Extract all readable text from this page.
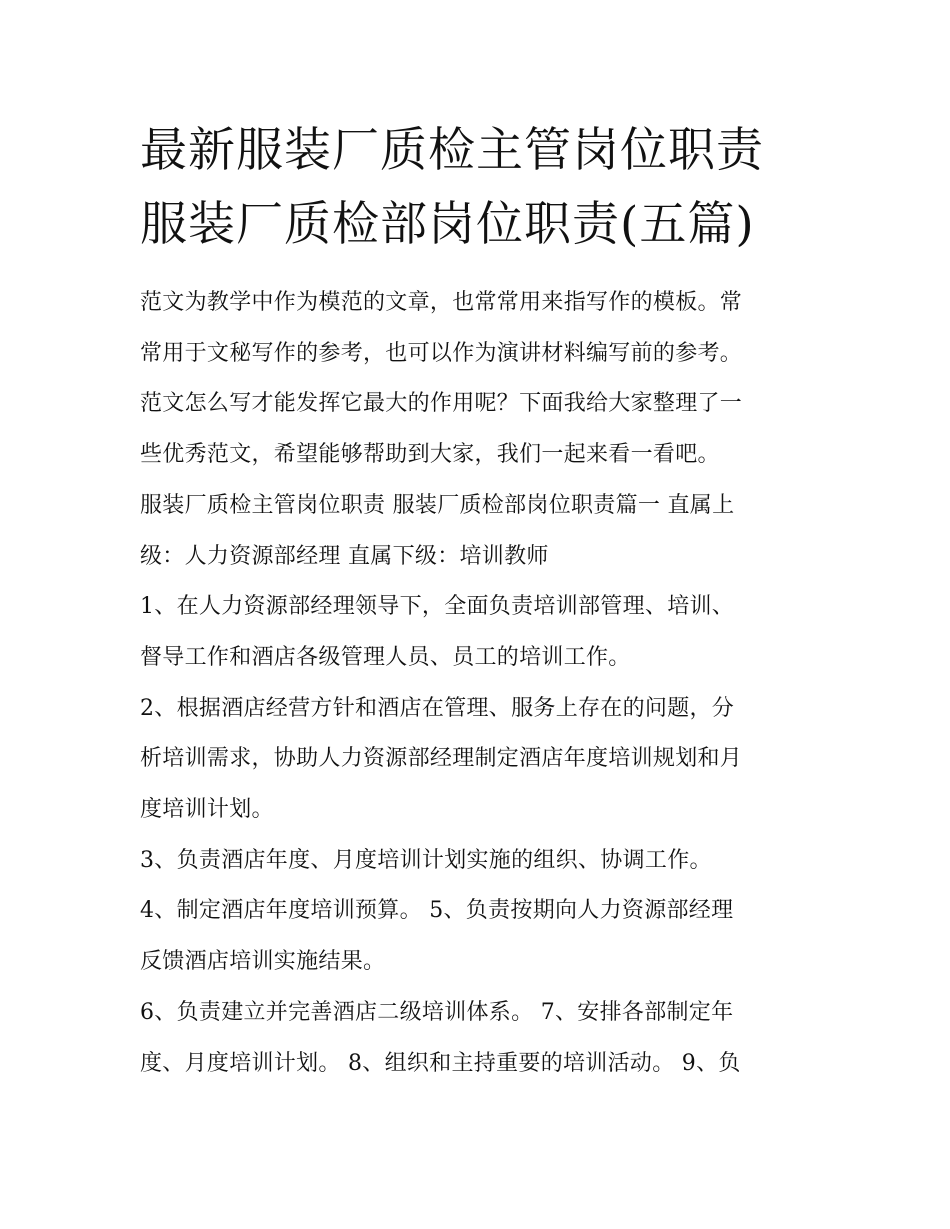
最新服装厂质检主管岗位职责
服装厂质检部岗位职责(五篇)

范文为教学中作为模范的文章，也常常用来指写作的模板。常
常用于文秘写作的参考，也可以作为演讲材料编写前的参考。
范文怎么写才能发挥它最大的作用呢？下面我给大家整理了一
些优秀范文，希望能够帮助到大家，我们一起来看一看吧。

服装厂质检主管岗位职责 服装厂质检部岗位职责篇一 直属上
级：人力资源部经理 直属下级：培训教师

1、在人力资源部经理领导下，全面负责培训部管理、培训、
督导工作和酒店各级管理人员、员工的培训工作。

2、根据酒店经营方针和酒店在管理、服务上存在的问题，分
析培训需求，协助人力资源部经理制定酒店年度培训规划和月
度培训计划。

3、负责酒店年度、月度培训计划实施的组织、协调工作。

4、制定酒店年度培训预算。 5、负责按期向人力资源部经理
反馈酒店培训实施结果。

6、负责建立并完善酒店二级培训体系。 7、安排各部制定年
度、月度培训计划。 8、组织和主持重要的培训活动。 9、负
